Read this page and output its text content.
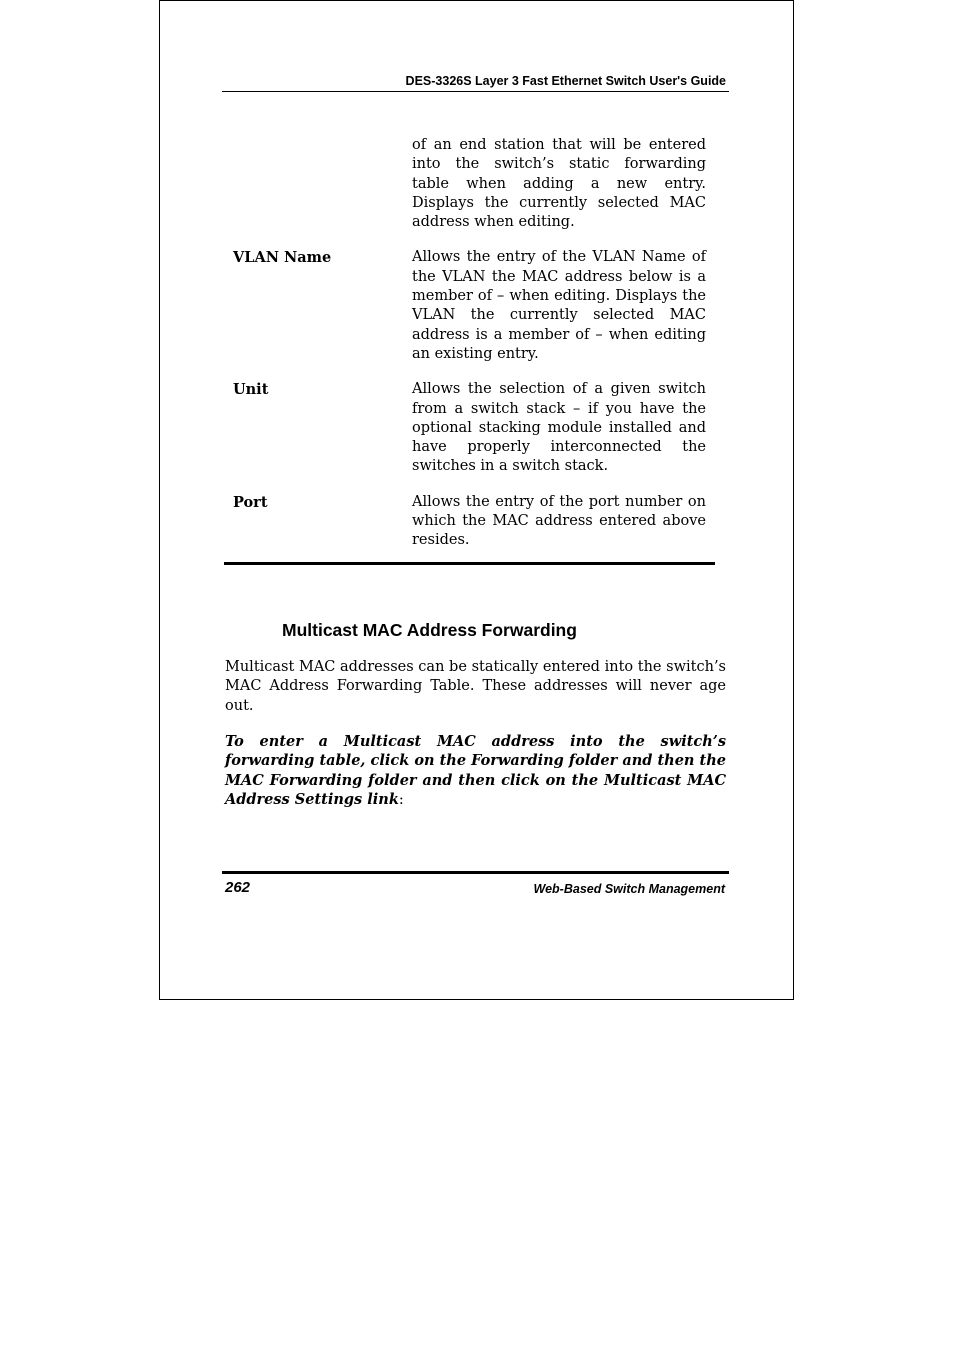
DES-3326S Layer 3 Fast Ethernet Switch User's Guide
of an end station that will be entered into the switch’s static forwarding table when adding a new entry. Displays the currently selected MAC address when editing.
VLAN Name	Allows the entry of the VLAN Name of the VLAN the MAC address below is a member of – when editing. Displays the VLAN the currently selected MAC address is a member of – when editing an existing entry.
Unit	Allows the selection of a given switch from a switch stack – if you have the optional stacking module installed and have properly interconnected the switches in a switch stack.
Port	Allows the entry of the port number on which the MAC address entered above resides.
Multicast MAC Address Forwarding

Multicast MAC addresses can be statically entered into the switch’s MAC Address Forwarding Table. These addresses will never age out.

To enter a Multicast MAC address into the switch’s forwarding table, click on the Forwarding folder and then the MAC Forwarding folder and then click on the Multicast MAC Address Settings link:

262	Web-Based Switch Management
